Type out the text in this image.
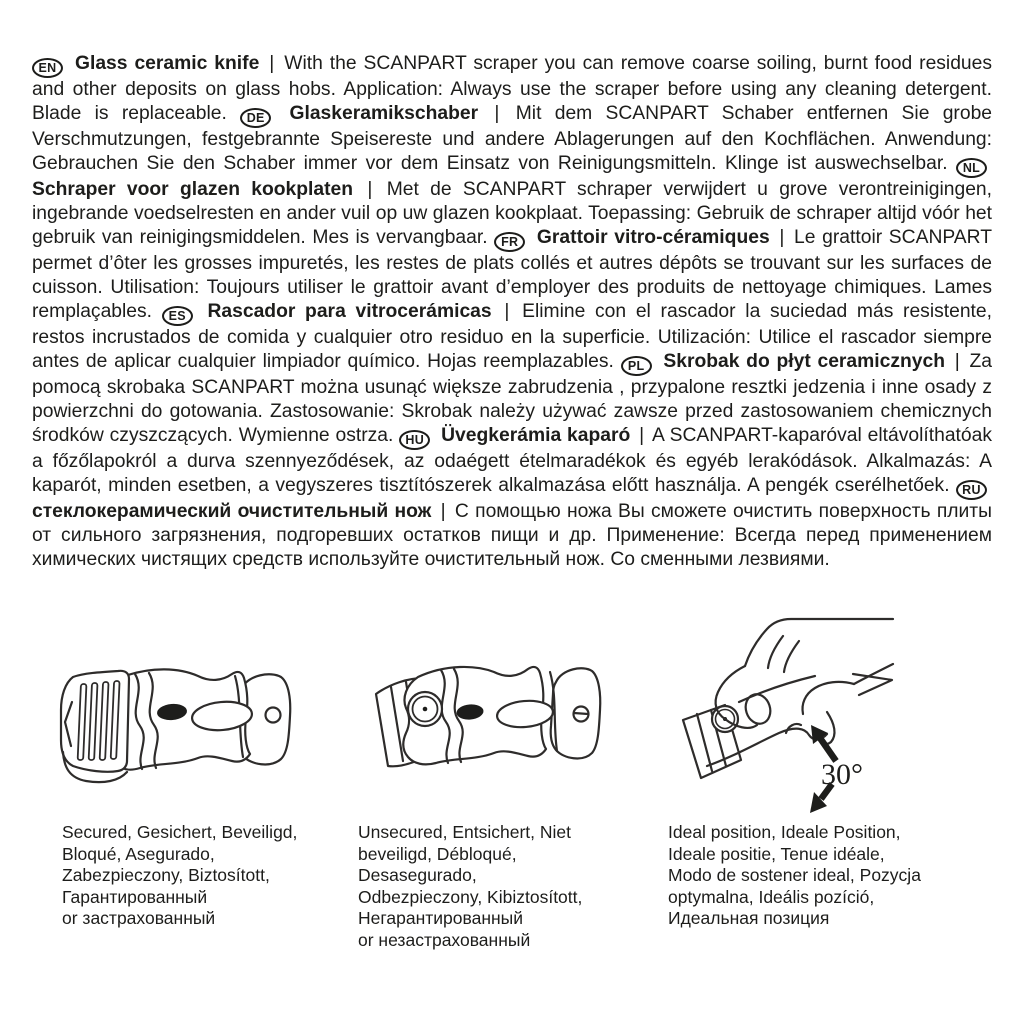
EN Glass ceramic knife | With the SCANPART scraper you can remove coarse soiling, burnt food residues and other deposits on glass hobs. Application: Always use the scraper before using any cleaning detergent. Blade is replaceable. DE Glaskeramikschaber | Mit dem SCANPART Schaber entfernen Sie grobe Verschmutzungen, festgebrannte Speisereste und andere Ablagerungen auf den Kochflächen. Anwendung: Gebrauchen Sie den Schaber immer vor dem Einsatz von Reinigungsmitteln. Klinge ist auswechselbar. NL Schraper voor glazen kookplaten | Met de SCANPART schraper verwijdert u grove verontreinigingen, ingebrande voedselresten en ander vuil op uw glazen kookplaat. Toepassing: Gebruik de schraper altijd vóór het gebruik van reinigingsmiddelen. Mes is vervangbaar. FR Grattoir vitro-céramiques | Le grattoir SCANPART permet d’ôter les grosses impuretés, les restes de plats collés et autres dépôts se trouvant sur les surfaces de cuisson. Utilisation: Toujours utiliser le grattoir avant d’employer des produits de nettoyage chimiques. Lames remplaçables. ES Rascador para vitrocerámicas | Elimine con el rascador la suciedad más resistente, restos incrustados de comida y cualquier otro residuo en la superficie. Utilización: Utilice el rascador siempre antes de aplicar cualquier limpiador químico. Hojas reemplazables. PL Skrobak do płyt ceramicznych | Za pomocą skrobaka SCANPART można usunąć większe zabrudzenia , przypalone resztki jedzenia i inne osady z powierzchni do gotowania. Zastosowanie: Skrobak należy używać zawsze przed zastosowaniem chemicznych środków czyszczących. Wymienne ostrza. HU Üvegkerámia kaparó | A SCANPART-kaparóval eltávolíthatóak a főzőlapokról a durva szennyeződések, az odaégett ételmaradékok és egyéb lerakódások. Alkalmazás: A kaparót, minden esetben, a vegyszeres tisztítószerek alkalmazása előtt használja. A pengék cserélhetőek. RU стеклокерамический очистительный нож | С помощью ножа Вы сможете очистить поверхность плиты от сильного загрязнения, подгоревших остатков пищи и др. Применение: Всегда перед применением химических чистящих средств используйте очистительный нож. Со сменными лезвиями.

30°
Secured, Gesichert, Beveiligd,
Bloqué, Asegurado,
Zabezpieczony, Biztosított,
Гарантированный
or застрахованный
Unsecured, Entsichert, Niet
beveiligd, Débloqué,
Desasegurado,
Odbezpieczony, Kibiztosított,
Негарантированный
or незастрахованный
Ideal position, Ideale Position,
Ideale positie, Tenue idéale,
Modo de sostener ideal, Pozycja
optymalna, Ideális pozíció,
Идеальная позиция
